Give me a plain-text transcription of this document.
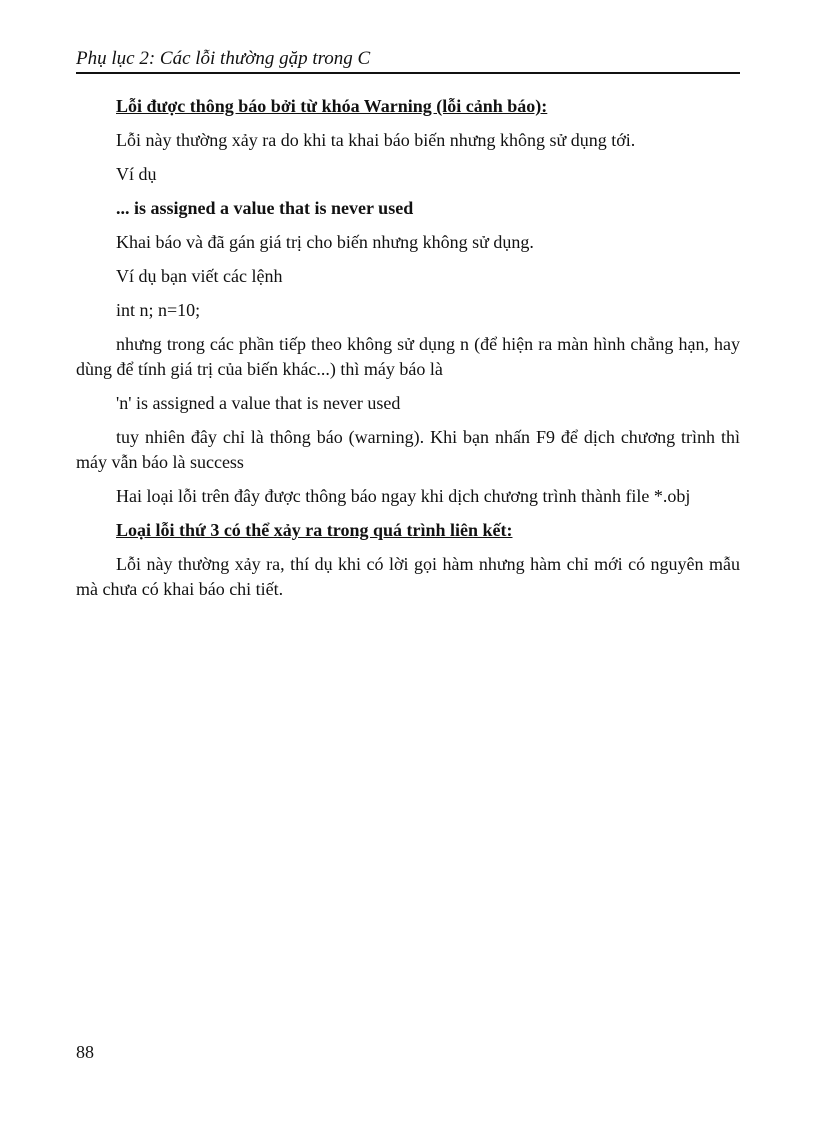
Phụ lục 2: Các lỗi thường gặp trong C

Lỗi được thông báo bởi từ khóa Warning (lỗi cảnh báo):

Lỗi này thường xảy ra do khi ta khai báo biến nhưng không sử dụng tới.

Ví dụ

... is assigned a value that is never used

Khai báo và đã gán giá trị cho biến nhưng không sử dụng.

Ví dụ bạn viết các lệnh

int n; n=10;

nhưng trong các phần tiếp theo không sử dụng n (để hiện ra màn hình chẳng hạn, hay dùng để tính giá trị của biến khác...) thì máy báo là

'n' is assigned a value that is never used

tuy nhiên đây chỉ là thông báo (warning). Khi bạn nhấn F9 để dịch chương trình thì máy vẫn báo là success

Hai loại lỗi trên đây được thông báo ngay khi dịch chương trình thành file *.obj

Loại lỗi thứ 3 có thể xảy ra trong quá trình liên kết:

Lỗi này thường xảy ra, thí dụ khi có lời gọi hàm nhưng hàm chỉ mới có nguyên mẫu mà chưa có khai báo chi tiết.

88
